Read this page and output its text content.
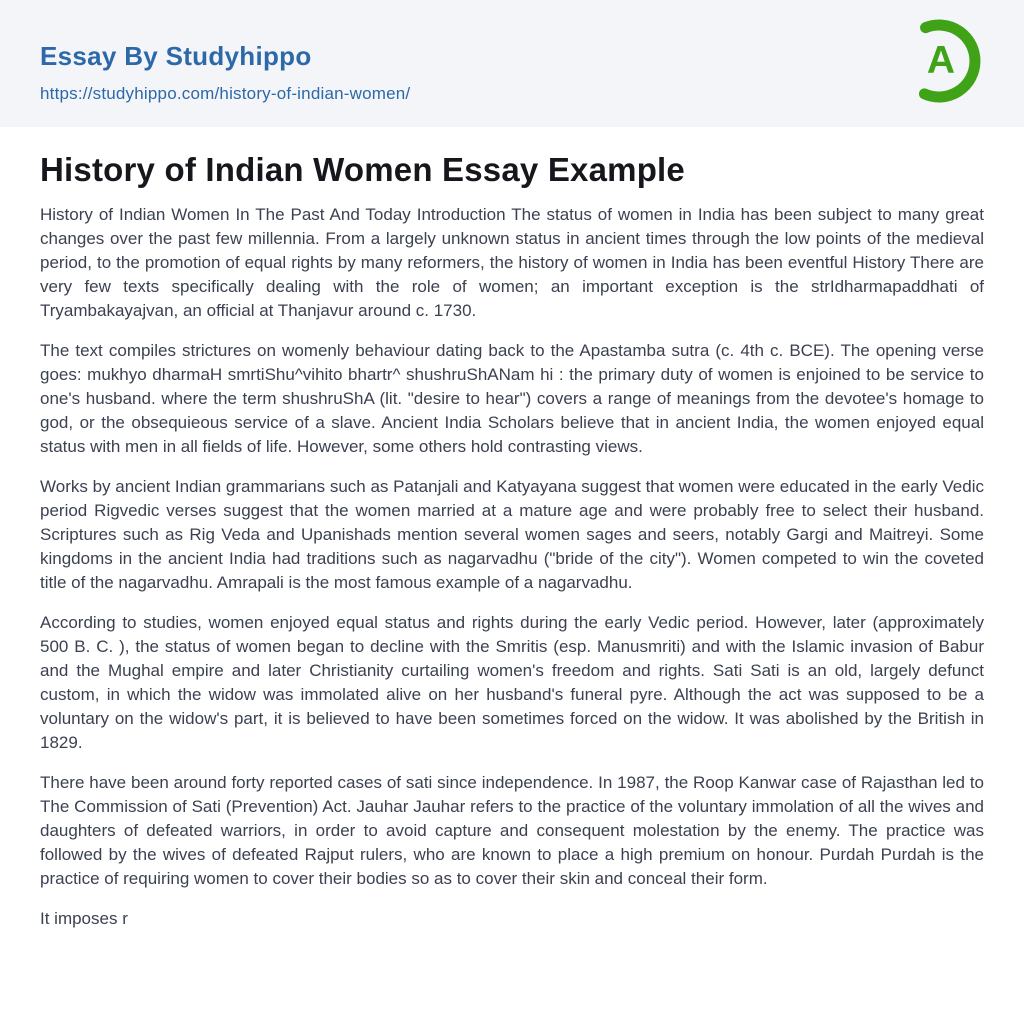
Essay By Studyhippo
https://studyhippo.com/history-of-indian-women/
A
History of Indian Women Essay Example

History of Indian Women In The Past And Today Introduction The status of women in India has been subject to many great changes over the past few millennia. From a largely unknown status in ancient times through the low points of the medieval period, to the promotion of equal rights by many reformers, the history of women in India has been eventful History There are very few texts specifically dealing with the role of women; an important exception is the strIdharmapaddhati of Tryambakayajvan, an official at Thanjavur around c. 1730.

The text compiles strictures on womenly behaviour dating back to the Apastamba sutra (c. 4th c. BCE). The opening verse goes: mukhyo dharmaH smrtiShu^vihito bhartr^ shushruShANam hi : the primary duty of women is enjoined to be service to one's husband. where the term shushruShA (lit. "desire to hear") covers a range of meanings from the devotee's homage to god, or the obsequieous service of a slave. Ancient India Scholars believe that in ancient India, the women enjoyed equal status with men in all fields of life. However, some others hold contrasting views.

Works by ancient Indian grammarians such as Patanjali and Katyayana suggest that women were educated in the early Vedic period Rigvedic verses suggest that the women married at a mature age and were probably free to select their husband. Scriptures such as Rig Veda and Upanishads mention several women sages and seers, notably Gargi and Maitreyi. Some kingdoms in the ancient India had traditions such as nagarvadhu ("bride of the city"). Women competed to win the coveted title of the nagarvadhu. Amrapali is the most famous example of a nagarvadhu.

According to studies, women enjoyed equal status and rights during the early Vedic period. However, later (approximately 500 B. C. ), the status of women began to decline with the Smritis (esp. Manusmriti) and with the Islamic invasion of Babur and the Mughal empire and later Christianity curtailing women's freedom and rights. Sati Sati is an old, largely defunct custom, in which the widow was immolated alive on her husband's funeral pyre. Although the act was supposed to be a voluntary on the widow's part, it is believed to have been sometimes forced on the widow. It was abolished by the British in 1829.

There have been around forty reported cases of sati since independence. In 1987, the Roop Kanwar case of Rajasthan led to The Commission of Sati (Prevention) Act. Jauhar Jauhar refers to the practice of the voluntary immolation of all the wives and daughters of defeated warriors, in order to avoid capture and consequent molestation by the enemy. The practice was followed by the wives of defeated Rajput rulers, who are known to place a high premium on honour. Purdah Purdah is the practice of requiring women to cover their bodies so as to cover their skin and conceal their form.

It imposes r
